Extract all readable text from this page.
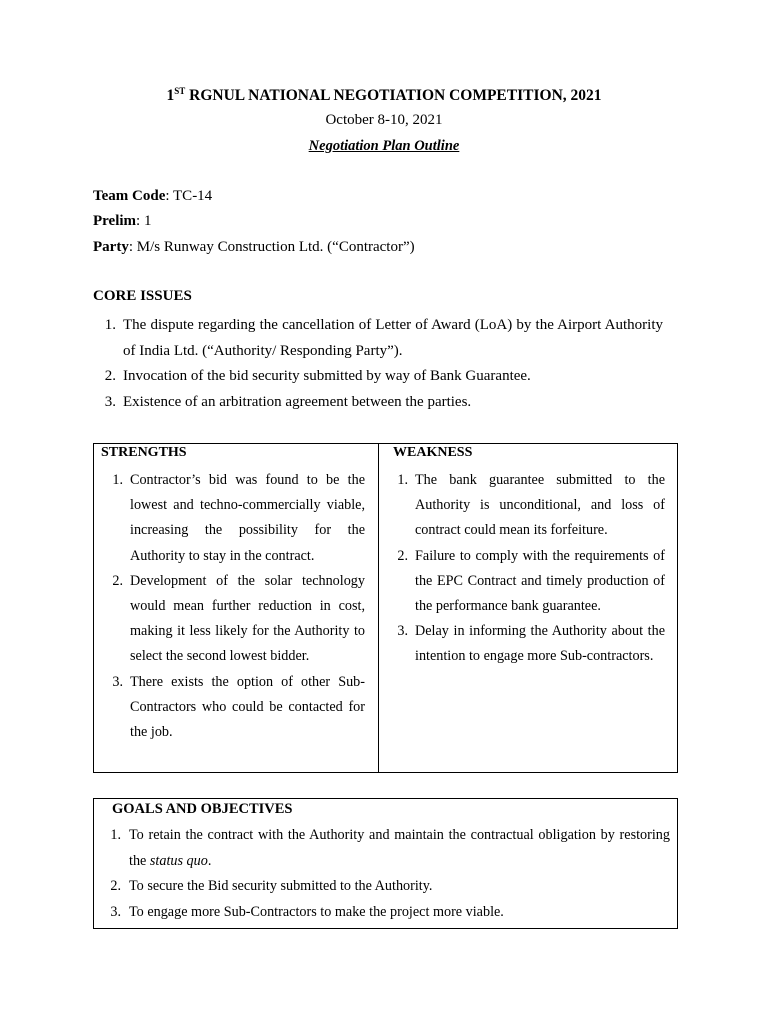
1ST RGNUL NATIONAL NEGOTIATION COMPETITION, 2021
October 8-10, 2021
Negotiation Plan Outline
Team Code: TC-14
Prelim: 1
Party: M/s Runway Construction Ltd. (“Contractor”)
CORE ISSUES
1. The dispute regarding the cancellation of Letter of Award (LoA) by the Airport Authority of India Ltd. (“Authority/ Responding Party”).
2. Invocation of the bid security submitted by way of Bank Guarantee.
3. Existence of an arbitration agreement between the parties.
STRENGTHS
1. Contractor’s bid was found to be the lowest and techno-commercially viable, increasing the possibility for the Authority to stay in the contract.
2. Development of the solar technology would mean further reduction in cost, making it less likely for the Authority to select the second lowest bidder.
3. There exists the option of other Sub-Contractors who could be contacted for the job.
WEAKNESS
1. The bank guarantee submitted to the Authority is unconditional, and loss of contract could mean its forfeiture.
2. Failure to comply with the requirements of the EPC Contract and timely production of the performance bank guarantee.
3. Delay in informing the Authority about the intention to engage more Sub-contractors.
GOALS AND OBJECTIVES
1. To retain the contract with the Authority and maintain the contractual obligation by restoring the status quo.
2. To secure the Bid security submitted to the Authority.
3. To engage more Sub-Contractors to make the project more viable.
